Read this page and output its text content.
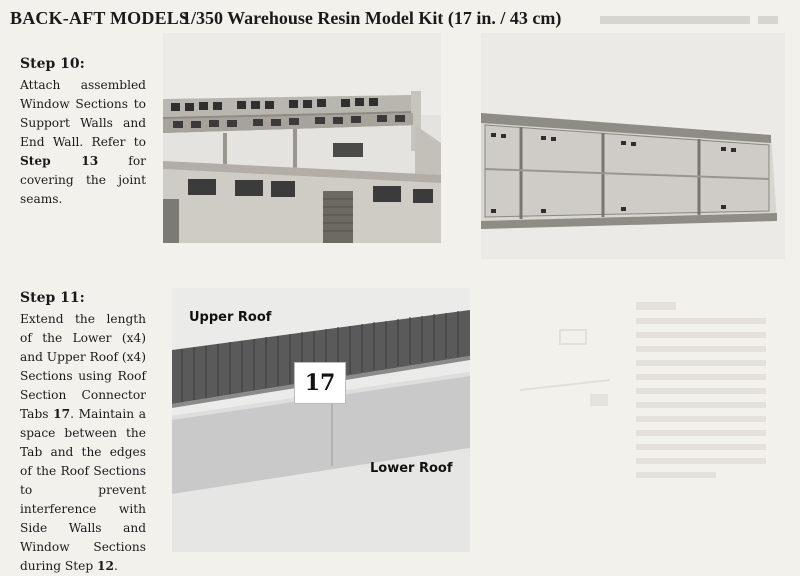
BACK-AFT MODELS
1/350 Warehouse Resin Model Kit (17 in. / 43 cm)
Step 10:

Attach assembled Window Sections to Support Walls and End Wall. Refer to Step 13 for covering the joint seams.

Step 11:

Extend the length of the Lower (x4) and Upper Roof (x4) Sections using Roof Section Connector Tabs 17. Maintain a space between the Tab and the edges of the Roof Sections to prevent interference with Side Walls and Window Sections during Step 12.

Upper Roof
17
Lower Roof
